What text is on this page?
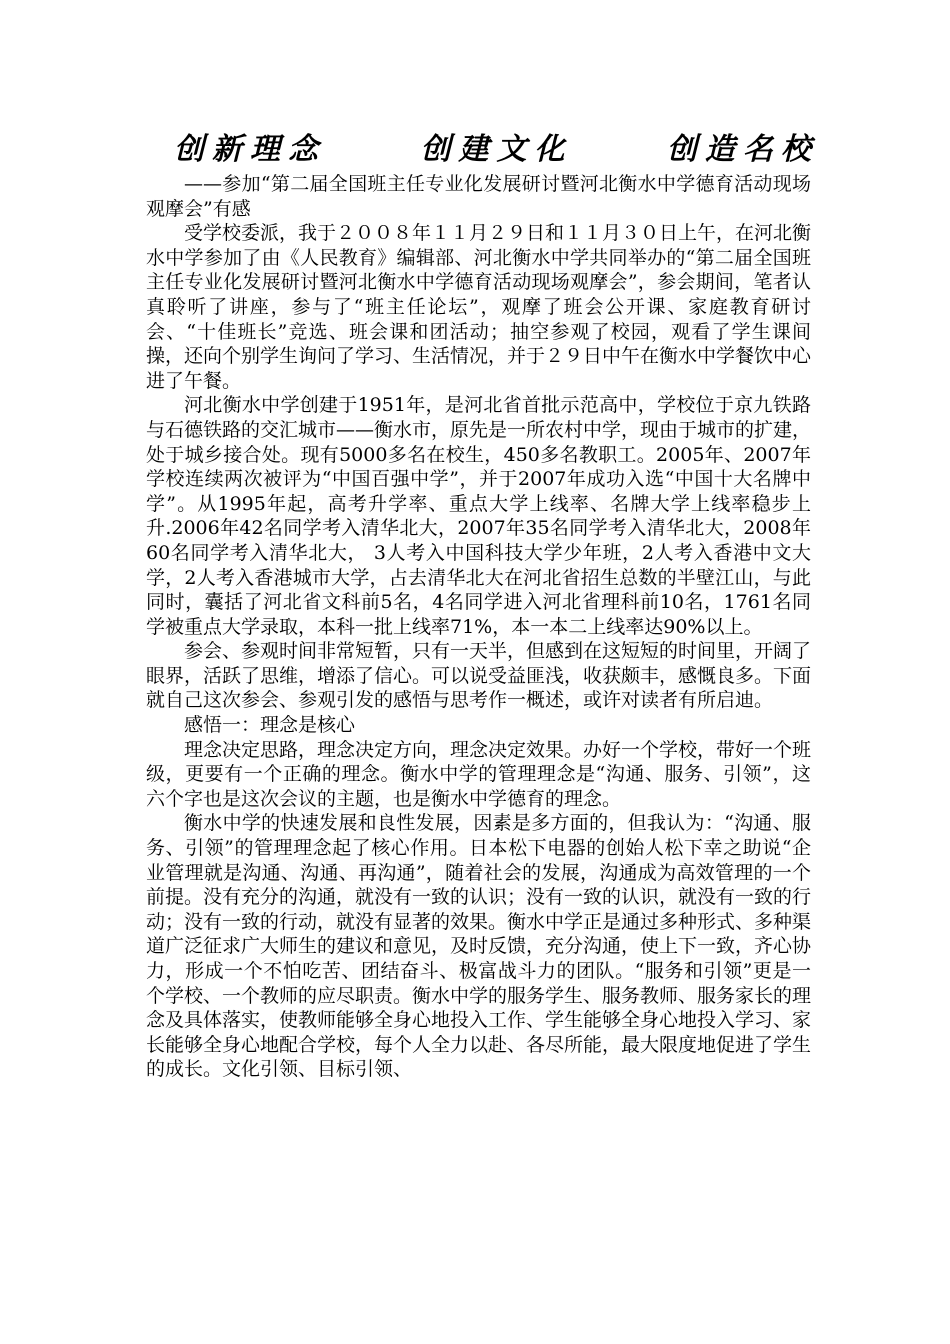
创新理念	创建文化	创造名校

——参加“第二届全国班主任专业化发展研讨暨河北衡水中学德育活动现场观摩会”有感

受学校委派，我于２００８年１１月２９日和１１月３０日上午，在河北衡水中学参加了由《人民教育》编辑部、河北衡水中学共同举办的“第二届全国班主任专业化发展研讨暨河北衡水中学德育活动现场观摩会”，参会期间，笔者认真聆听了讲座，参与了“班主任论坛”，观摩了班会公开课、家庭教育研讨会、“十佳班长”竞选、班会课和团活动；抽空参观了校园，观看了学生课间操，还向个别学生询问了学习、生活情况，并于２９日中午在衡水中学餐饮中心进了午餐。

河北衡水中学创建于1951年，是河北省首批示范高中，学校位于京九铁路与石德铁路的交汇城市——衡水市，原先是一所农村中学，现由于城市的扩建，处于城乡接合处。现有5000多名在校生，450多名教职工。2005年、2007年学校连续两次被评为“中国百强中学”，并于2007年成功入选“中国十大名牌中学”。从1995年起，高考升学率、重点大学上线率、名牌大学上线率稳步上升.2006年42名同学考入清华北大，2007年35名同学考入清华北大，2008年60名同学考入清华北大， 3人考入中国科技大学少年班，2人考入香港中文大学，2人考入香港城市大学，占去清华北大在河北省招生总数的半壁江山，与此同时，囊括了河北省文科前5名，4名同学进入河北省理科前10名，1761名同学被重点大学录取，本科一批上线率71%，本一本二上线率达90%以上。

参会、参观时间非常短暂，只有一天半，但感到在这短短的时间里，开阔了眼界，活跃了思维，增添了信心。可以说受益匪浅，收获颇丰，感慨良多。下面就自己这次参会、参观引发的感悟与思考作一概述，或许对读者有所启迪。

感悟一：理念是核心

理念决定思路，理念决定方向，理念决定效果。办好一个学校，带好一个班级，更要有一个正确的理念。衡水中学的管理理念是“沟通、服务、引领”，这六个字也是这次会议的主题，也是衡水中学德育的理念。

衡水中学的快速发展和良性发展，因素是多方面的，但我认为：“沟通、服务、引领”的管理理念起了核心作用。日本松下电器的创始人松下幸之助说“企业管理就是沟通、沟通、再沟通”，随着社会的发展，沟通成为高效管理的一个前提。没有充分的沟通，就没有一致的认识；没有一致的认识，就没有一致的行动；没有一致的行动，就没有显著的效果。衡水中学正是通过多种形式、多种渠道广泛征求广大师生的建议和意见，及时反馈，充分沟通，使上下一致，齐心协力，形成一个不怕吃苦、团结奋斗、极富战斗力的团队。“服务和引领”更是一个学校、一个教师的应尽职责。衡水中学的服务学生、服务教师、服务家长的理念及具体落实，使教师能够全身心地投入工作、学生能够全身心地投入学习、家长能够全身心地配合学校，每个人全力以赴、各尽所能，最大限度地促进了学生的成长。文化引领、目标引领、
